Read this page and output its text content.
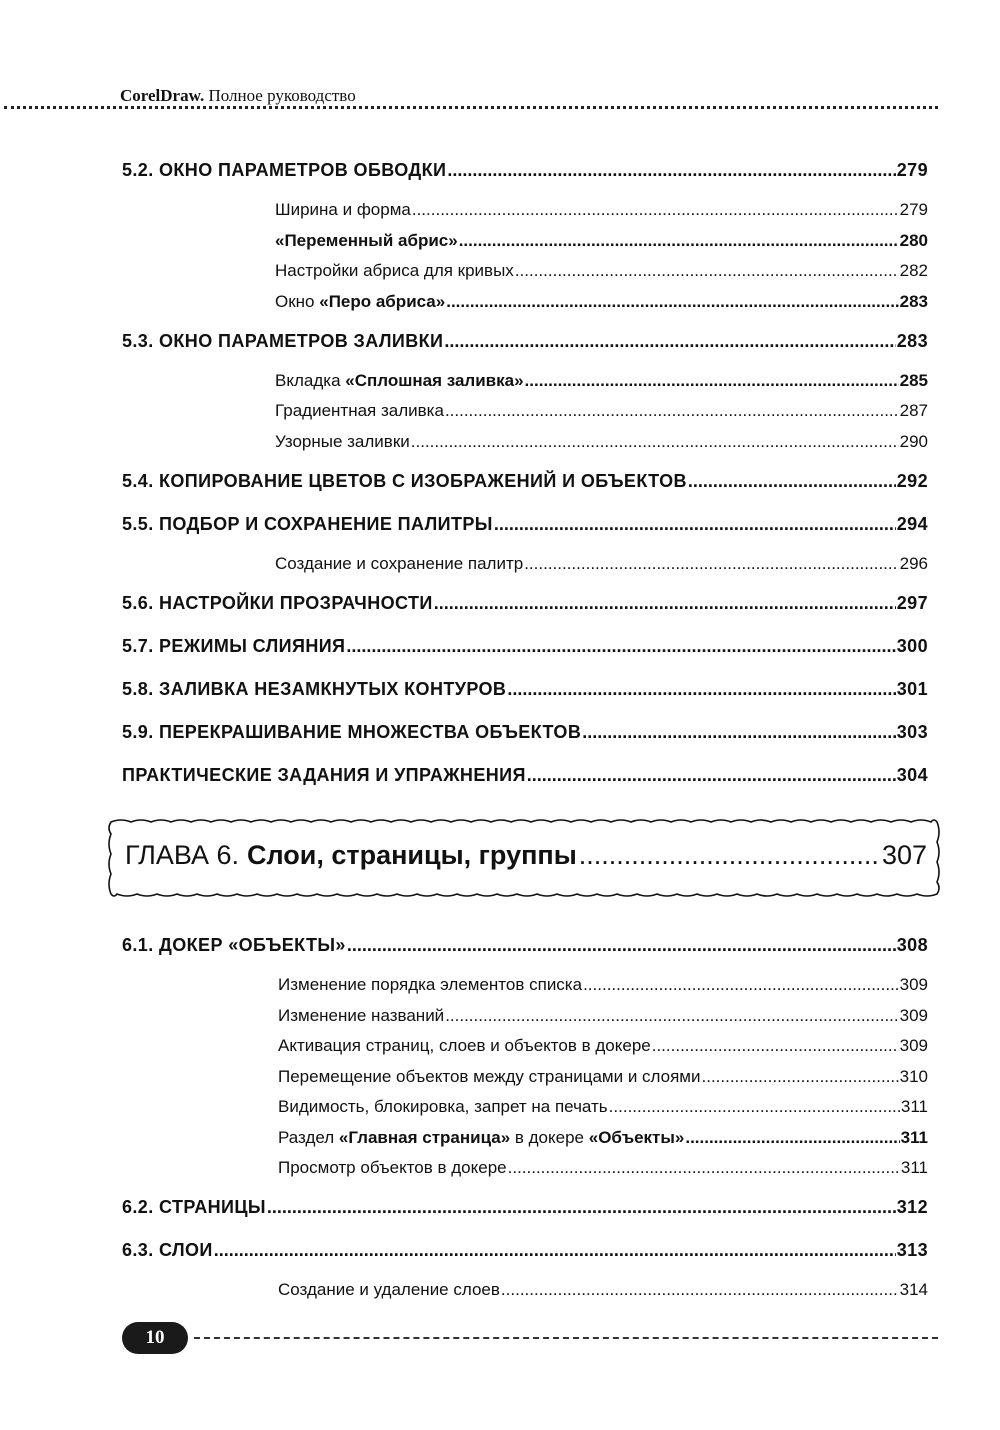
CorelDraw. Полное руководство
5.2. ОКНО ПАРАМЕТРОВ ОБВОДКИ .....	279
Ширина и форма .....	279
«Переменный абрис» .....	280
Настройки абриса для кривых .....	282
Окно «Перо абриса» .....	283
5.3. ОКНО ПАРАМЕТРОВ ЗАЛИВКИ .....	283
Вкладка «Сплошная заливка» .....	285
Градиентная заливка .....	287
Узорные заливки .....	290
5.4. КОПИРОВАНИЕ ЦВЕТОВ С ИЗОБРАЖЕНИЙ И ОБЪЕКТОВ .....	292
5.5. ПОДБОР И СОХРАНЕНИЕ ПАЛИТРЫ .....	294
Создание и сохранение палитр .....	296
5.6. НАСТРОЙКИ ПРОЗРАЧНОСТИ .....	297
5.7. РЕЖИМЫ СЛИЯНИЯ .....	300
5.8. ЗАЛИВКА НЕЗАМКНУТЫХ КОНТУРОВ .....	301
5.9. ПЕРЕКРАШИВАНИЕ МНОЖЕСТВА ОБЪЕКТОВ .....	303
ПРАКТИЧЕСКИЕ ЗАДАНИЯ И УПРАЖНЕНИЯ .....	304
ГЛАВА 6. Слои, страницы, группы .....	307
6.1. ДОКЕР «ОБЪЕКТЫ» .....	308
Изменение порядка элементов списка .....	309
Изменение названий .....	309
Активация страниц, слоев и объектов в докере .....	309
Перемещение объектов между страницами и слоями .....	310
Видимость, блокировка, запрет на печать .....	311
Раздел «Главная страница» в докере «Объекты» .....	311
Просмотр объектов в докере .....	311
6.2. СТРАНИЦЫ .....	312
6.3. СЛОИ .....	313
Создание и удаление слоев .....	314
10
